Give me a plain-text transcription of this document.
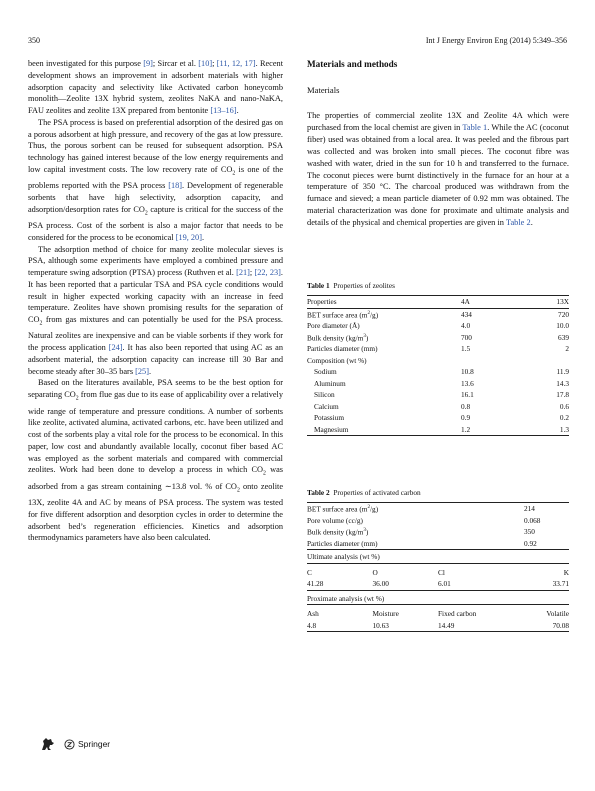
350	Int J Energy Environ Eng (2014) 5:349–356

been investigated for this purpose [9]; Sircar et al. [10]; [11, 12, 17]. Recent development shows an improvement in adsorbent materials with higher adsorption capacity and selectivity like Activated carbon honeycomb monolith—Zeolite 13X hybrid system, zeolites NaKA and nano-NaKA, FAU zeolites and zeolite 13X prepared from bentonite [13–16].

The PSA process is based on preferential adsorption of the desired gas on a porous adsorbent at high pressure, and recovery of the gas at low pressure. Thus, the porous sorbent can be reused for subsequent adsorption. PSA technology has gained interest because of the low energy requirements and low capital investment costs. The low recovery rate of $CO_2$ is one of the problems reported with the PSA process [18]. Development of regenerable sorbents that have high selectivity, adsorption capacity, and adsorption/desorption rates for $CO_2$ capture is critical for the success of the PSA process. Cost of the sorbent is also a major factor that needs to be considered for the process to be economical [19, 20].

The adsorption method of choice for many zeolite molecular sieves is PSA, although some experiments have employed a combined pressure and temperature swing adsorption (PTSA) process (Ruthven et al. [21]; [22, 23]. It has been reported that a particular TSA and PSA cycle conditions would result in higher expected working capacity with an increase in feed temperature. Zeolites have shown promising results for the separation of $CO_2$ from gas mixtures and can potentially be used for the PSA process. Natural zeolites are inexpensive and can be viable sorbents if they work for the process application [24]. It has also been reported that using AC as an adsorbent material, the adsorption capacity can increase till 30 Bar and become steady after 30–35 bars [25].

Based on the literatures available, PSA seems to be the best option for separating $CO_2$ from flue gas due to its ease of applicability over a relatively wide range of temperature and pressure conditions. A number of sorbents like zeolite, activated alumina, activated carbons, etc. have been utilized and cost of the sorbents play a vital role for the process to be economical. In this paper, low cost and abundantly available locally, coconut fiber based AC was employed as the sorbent materials and compared with commercial zeolites. Work had been done to develop a process in which $CO_2$ was adsorbed from a gas stream containing ∼13.8 vol. % of $CO_2$ onto zeolite 13X, zeolite 4A and AC by means of PSA process. The system was tested for five different adsorption and desorption cycles in order to determine the adsorbent bed’s regeneration efficiencies. Kinetics and adsorption thermodynamics parameters have also been calculated.

Materials and methods
Materials

The properties of commercial zeolite 13X and Zeolite 4A which were purchased from the local chemist are given in Table 1. While the AC (coconut fiber) used was obtained from a local area. It was peeled and the fibrous part was collected and was broken into small pieces. The coconut fibre was washed with water, dried in the sun for 10 h and transferred to the furnace. The coconut pieces were burnt distinctively in the furnace for an hour at a temperature of 350 °C. The charcoal produced was withdrawn from the furnace and sieved; a mean particle diameter of 0.92 mm was obtained. The material characterization was done for proximate and ultimate analysis and details of the physical and chemical properties are given in Table 2.

Table 1 Properties of zeolites
Properties	4A	13X
BET surface area $(m^2/g)$	434	720
Pore diameter (Å)	4.0	10.0
Bulk density $(kg/m^3)$	700	639
Particles diameter (mm)	1.5	2
Composition (wt %)		
Sodium	10.8	11.9
Aluminum	13.6	14.3
Silicon	16.1	17.8
Calcium	0.8	0.6
Potassium	0.9	0.2
Magnesium	1.2	1.3
Table 2 Properties of activated carbon
BET surface area $(m^2/g)$	214
Pore volume (cc/g)	0.068
Bulk density $(kg/m^3)$	350
Particles diameter (mm)	0.92
Ultimate analysis (wt %)
C	O	Cl	K
41.28	36.00	6.01	33.71
Proximate analysis (wt %)
Ash	Moisture	Fixed carbon	Volatile
4.8	10.63	14.49	70.08
Springer
